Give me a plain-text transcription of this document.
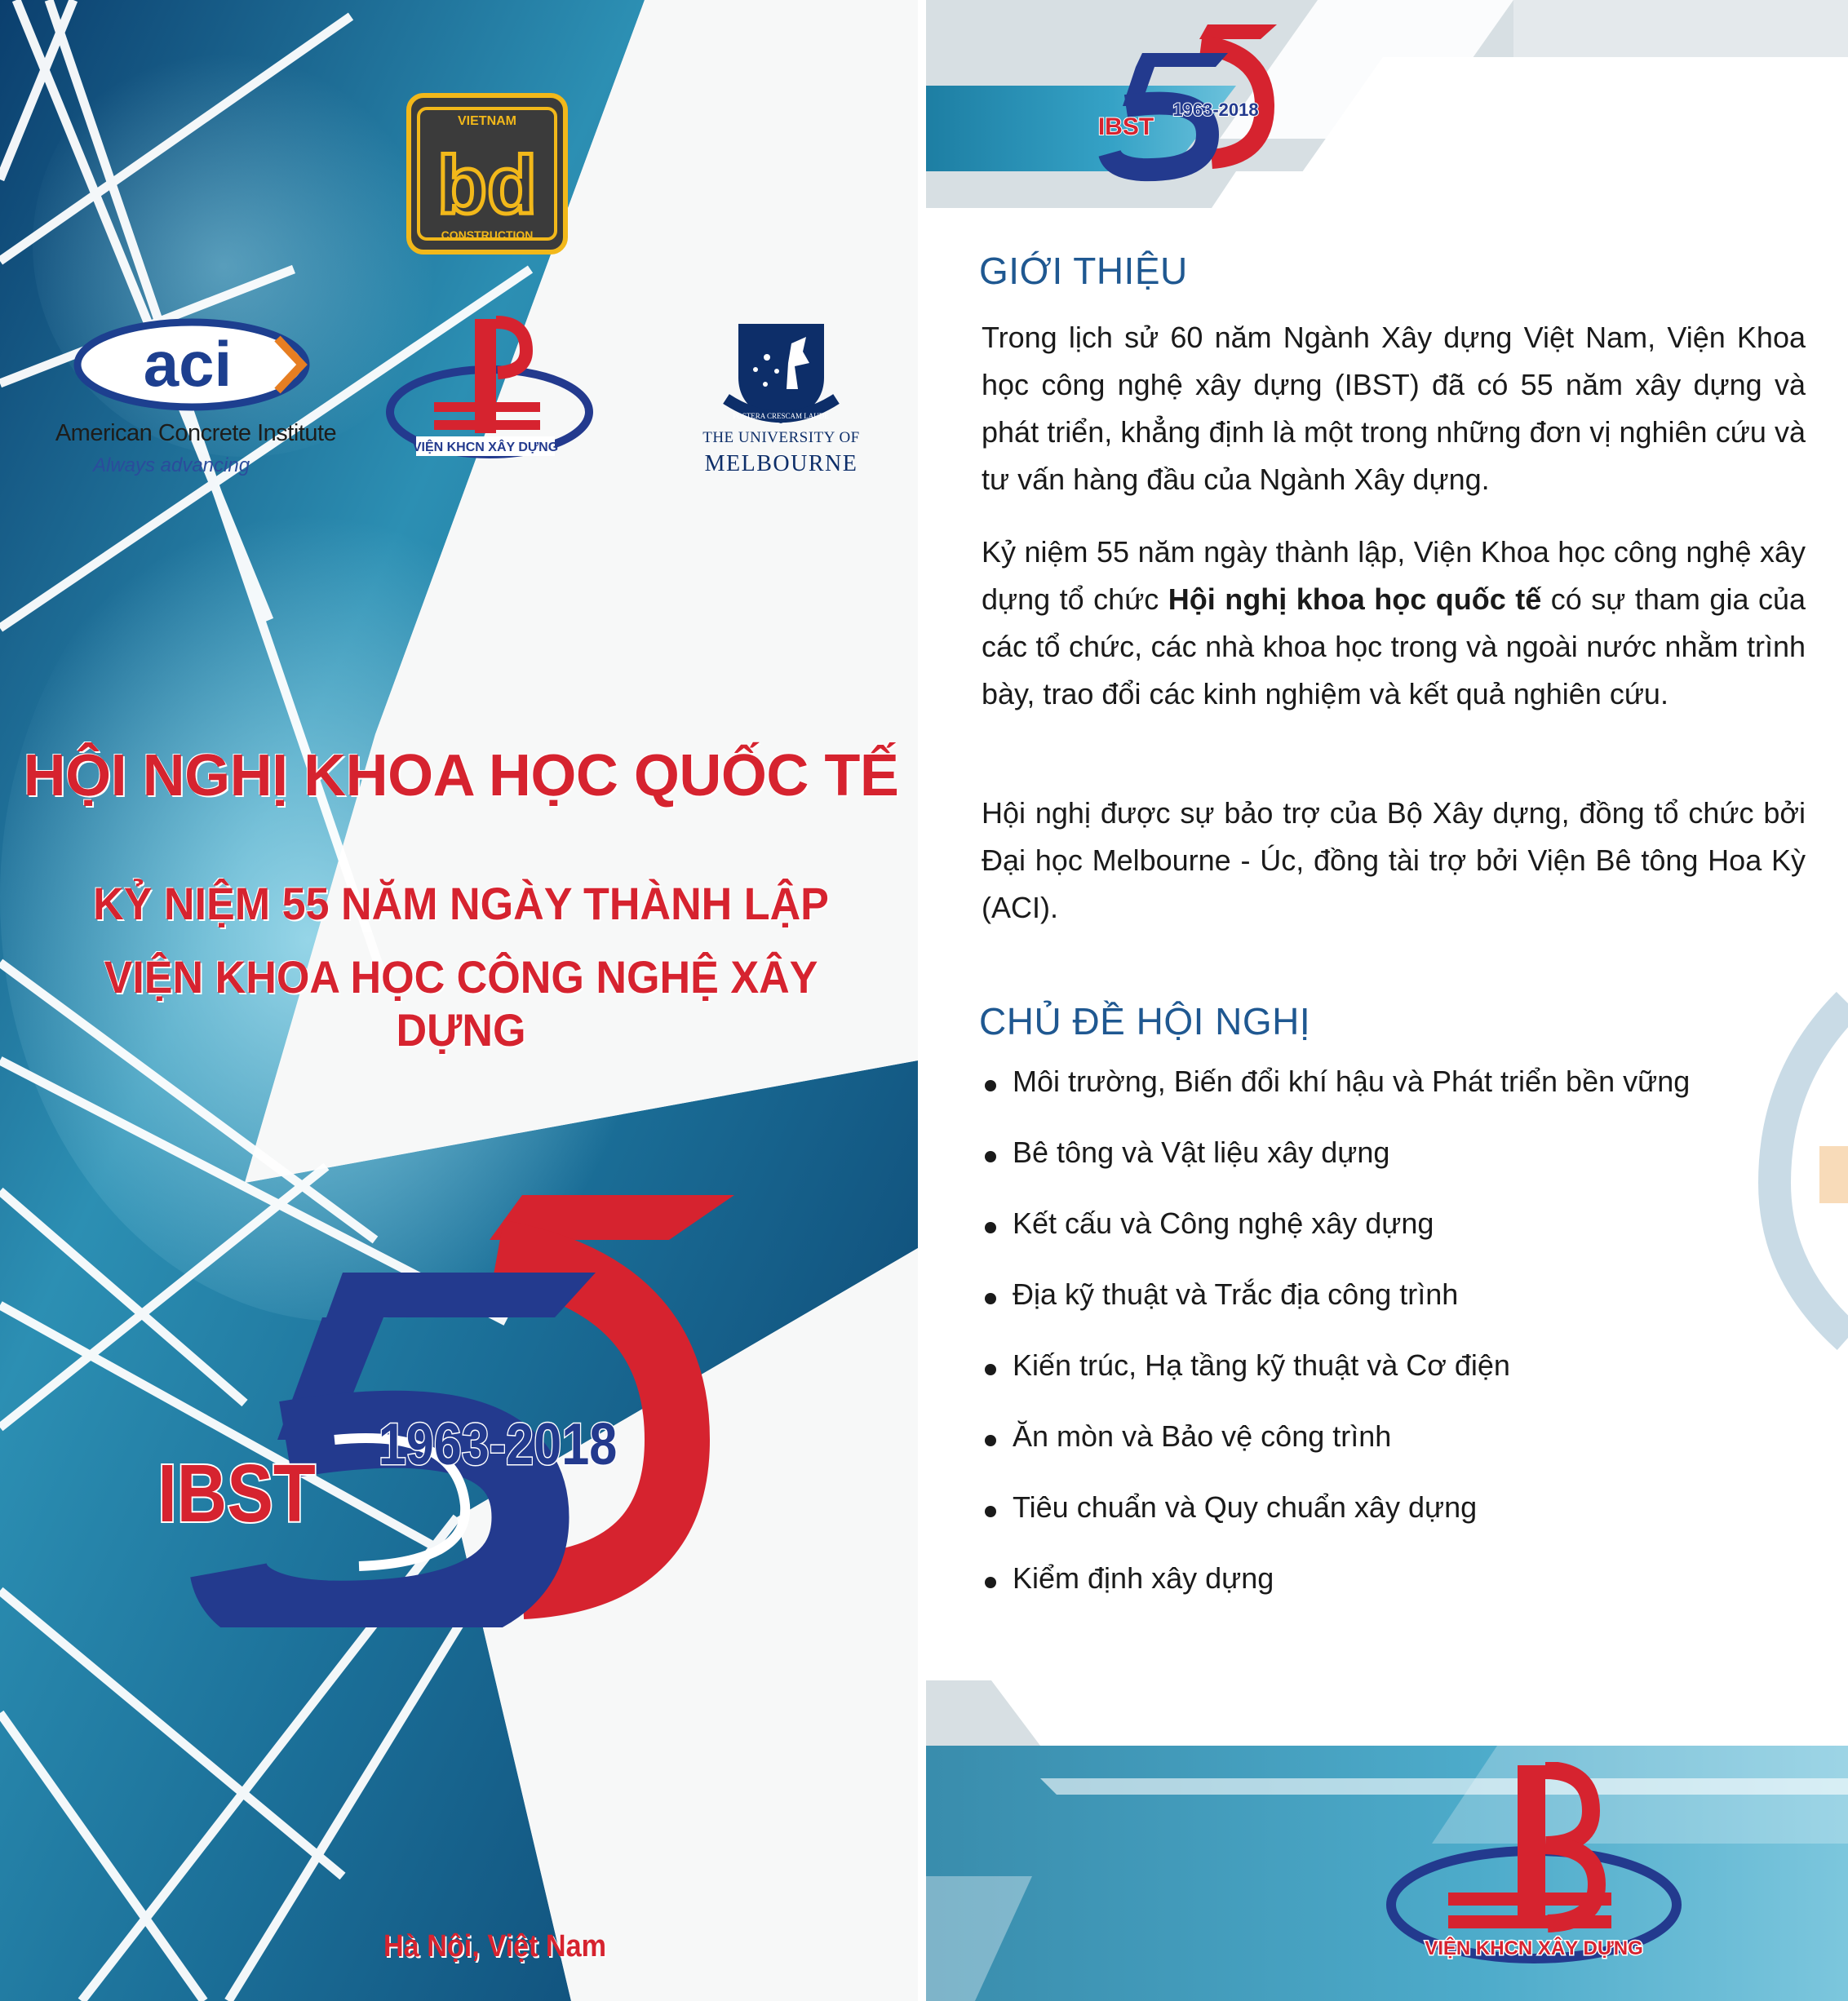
VIETNAM
bd
CONSTRUCTION
aci
American Concrete Institute
Always advancing
VIỆN KHCN XÂY DỰNG
POSTERA CRESCAM LAUDE
THE UNIVERSITY OF
MELBOURNE
HỘI NGHỊ KHOA HỌC QUỐC TẾ
KỶ NIỆM 55 NĂM NGÀY THÀNH LẬP
VIỆN KHOA HỌC CÔNG NGHỆ XÂY DỰNG
1963-2018
IBST
Hà Nội, Việt Nam
1963-2018
IBST
GIỚI THIỆU
Trong lịch sử 60 năm Ngành Xây dựng Việt Nam, Viện Khoa học công nghệ xây dựng (IBST) đã có 55 năm xây dựng và phát triển, khẳng định là một trong những đơn vị nghiên cứu và tư vấn hàng đầu của Ngành Xây dựng.
Kỷ niệm 55 năm ngày thành lập, Viện Khoa học công nghệ xây dựng tổ chức Hội nghị khoa học quốc tế có sự tham gia của các tổ chức, các nhà khoa học trong và ngoài nước nhằm trình bày, trao đổi các kinh nghiệm và kết quả nghiên cứu.
Hội nghị được sự bảo trợ của Bộ Xây dựng, đồng tổ chức bởi Đại học Melbourne - Úc, đồng tài trợ bởi Viện Bê tông Hoa Kỳ (ACI).
CHỦ ĐỀ HỘI NGHỊ
Môi trường, Biến đổi khí hậu và Phát triển bền vững
Bê tông và Vật liệu xây dựng
Kết cấu và Công nghệ xây dựng
Địa kỹ thuật và Trắc địa công trình
Kiến trúc, Hạ tầng kỹ thuật và Cơ điện
Ăn mòn và Bảo vệ công trình
Tiêu chuẩn và Quy chuẩn xây dựng
Kiểm định xây dựng
VIỆN KHCN XÂY DỰNG
